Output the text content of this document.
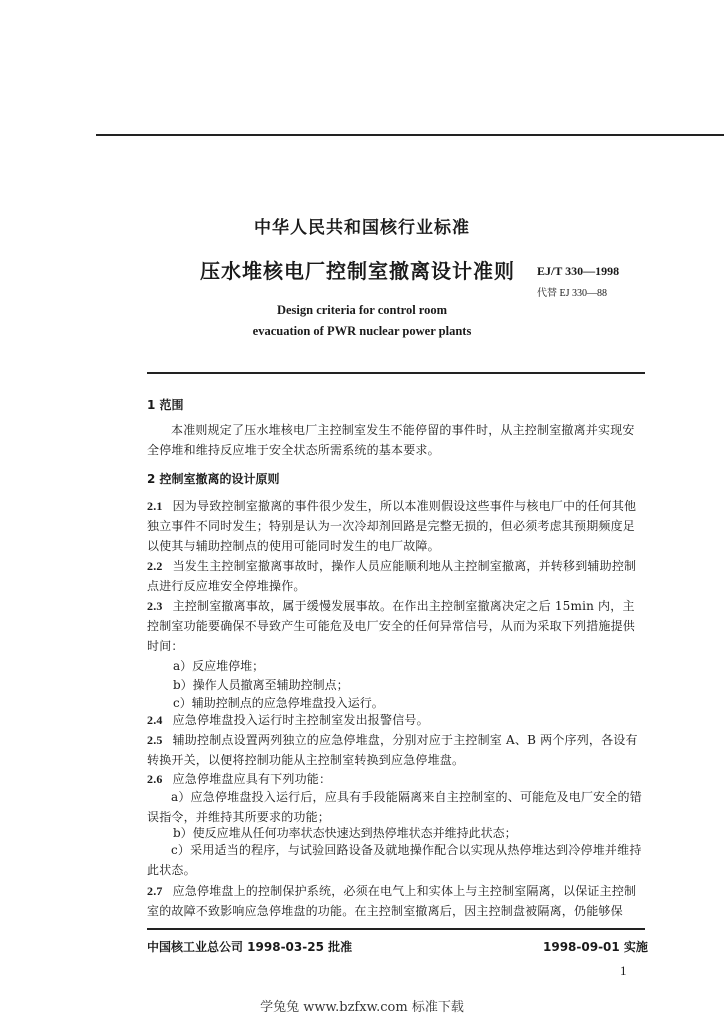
中华人民共和国核行业标准
压水堆核电厂控制室撤离设计准则 EJ/T 330—1998
代替 EJ 330—88
Design criteria for control room
evacuation of PWR nuclear power plants
1 范围
本准则规定了压水堆核电厂主控制室发生不能停留的事件时，从主控制室撤离并实现安全停堆和维持反应堆于安全状态所需系统的基本要求。
2 控制室撤离的设计原则
2.1 因为导致控制室撤离的事件很少发生，所以本准则假设这些事件与核电厂中的任何其他独立事件不同时发生；特别是认为一次冷却剂回路是完整无损的，但必须考虑其预期频度足以使其与辅助控制点的使用可能同时发生的电厂故障。
2.2 当发生主控制室撤离事故时，操作人员应能顺利地从主控制室撤离，并转移到辅助控制点进行反应堆安全停堆操作。
2.3 主控制室撤离事故，属于缓慢发展事故。在作出主控制室撤离决定之后 15min 内，主控制室功能要确保不导致产生可能危及电厂安全的任何异常信号，从而为采取下列措施提供时间：
a）反应堆停堆；
b）操作人员撤离至辅助控制点；
c）辅助控制点的应急停堆盘投入运行。
2.4 应急停堆盘投入运行时主控制室发出报警信号。
2.5 辅助控制点设置两列独立的应急停堆盘，分别对应于主控制室 A、B 两个序列，各设有转换开关，以便将控制功能从主控制室转换到应急停堆盘。
2.6 应急停堆盘应具有下列功能：
a）应急停堆盘投入运行后，应具有手段能隔离来自主控制室的、可能危及电厂安全的错误指令，并维持其所要求的功能；
b）使反应堆从任何功率状态快速达到热停堆状态并维持此状态；
c）采用适当的程序，与试验回路设备及就地操作配合以实现从热停堆达到冷停堆并维持此状态。
2.7 应急停堆盘上的控制保护系统，必须在电气上和实体上与主控制室隔离，以保证主控制室的故障不致影响应急停堆盘的功能。在主控制室撤离后，因主控制盘被隔离，仍能够保
中国核工业总公司 1998-03-25 批准	1998-09-01 实施
1
学兔兔 www.bzfxw.com 标准下载
